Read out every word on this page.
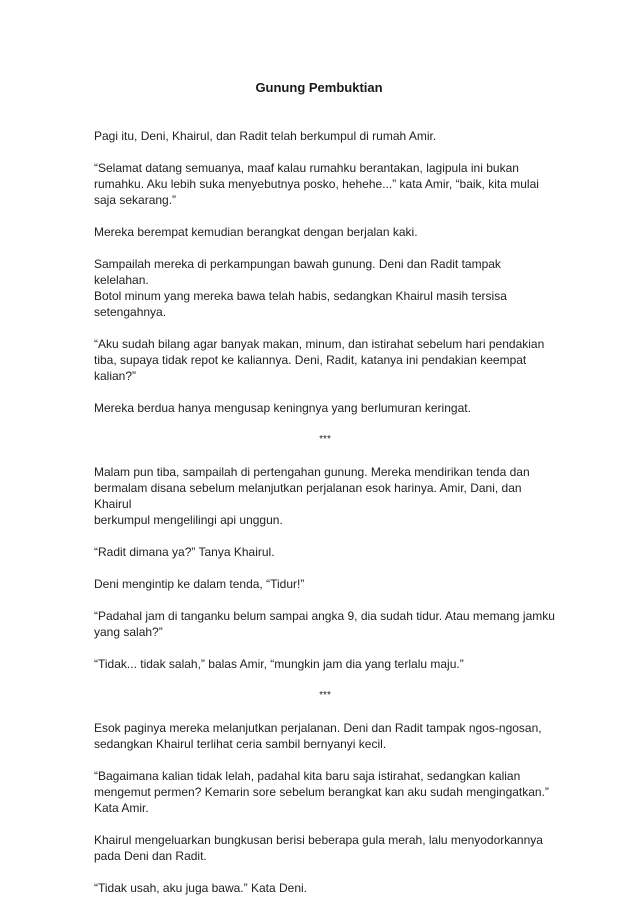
Gunung Pembuktian

Pagi itu, Deni, Khairul, dan Radit telah berkumpul di rumah Amir.

“Selamat datang semuanya, maaf kalau rumahku berantakan, lagipula ini bukan
rumahku. Aku lebih suka menyebutnya posko, hehehe...” kata Amir, “baik, kita mulai
saja sekarang.”

Mereka berempat kemudian berangkat dengan berjalan kaki.

Sampailah mereka di perkampungan bawah gunung. Deni dan Radit tampak kelelahan.
Botol minum yang mereka bawa telah habis, sedangkan Khairul masih tersisa
setengahnya.

“Aku sudah bilang agar banyak makan, minum, dan istirahat sebelum hari pendakian
tiba, supaya tidak repot ke kaliannya. Deni, Radit, katanya ini pendakian keempat
kalian?”

Mereka berdua hanya mengusap keningnya yang berlumuran keringat.

***

Malam pun tiba, sampailah di pertengahan gunung. Mereka mendirikan tenda dan
bermalam disana sebelum melanjutkan perjalanan esok harinya. Amir, Dani, dan Khairul
berkumpul mengelilingi api unggun.

“Radit dimana ya?” Tanya Khairul.

Deni mengintip ke dalam tenda, “Tidur!”

“Padahal jam di tanganku belum sampai angka 9, dia sudah tidur. Atau memang jamku
yang salah?”

“Tidak... tidak salah,” balas Amir, “mungkin jam dia yang terlalu maju.”

***

Esok paginya mereka melanjutkan perjalanan. Deni dan Radit tampak ngos-ngosan,
sedangkan Khairul terlihat ceria sambil bernyanyi kecil.

“Bagaimana kalian tidak lelah, padahal kita baru saja istirahat, sedangkan kalian
mengemut permen? Kemarin sore sebelum berangkat kan aku sudah mengingatkan.”
Kata Amir.

Khairul mengeluarkan bungkusan berisi beberapa gula merah, lalu menyodorkannya
pada Deni dan Radit.

“Tidak usah, aku juga bawa.” Kata Deni.
